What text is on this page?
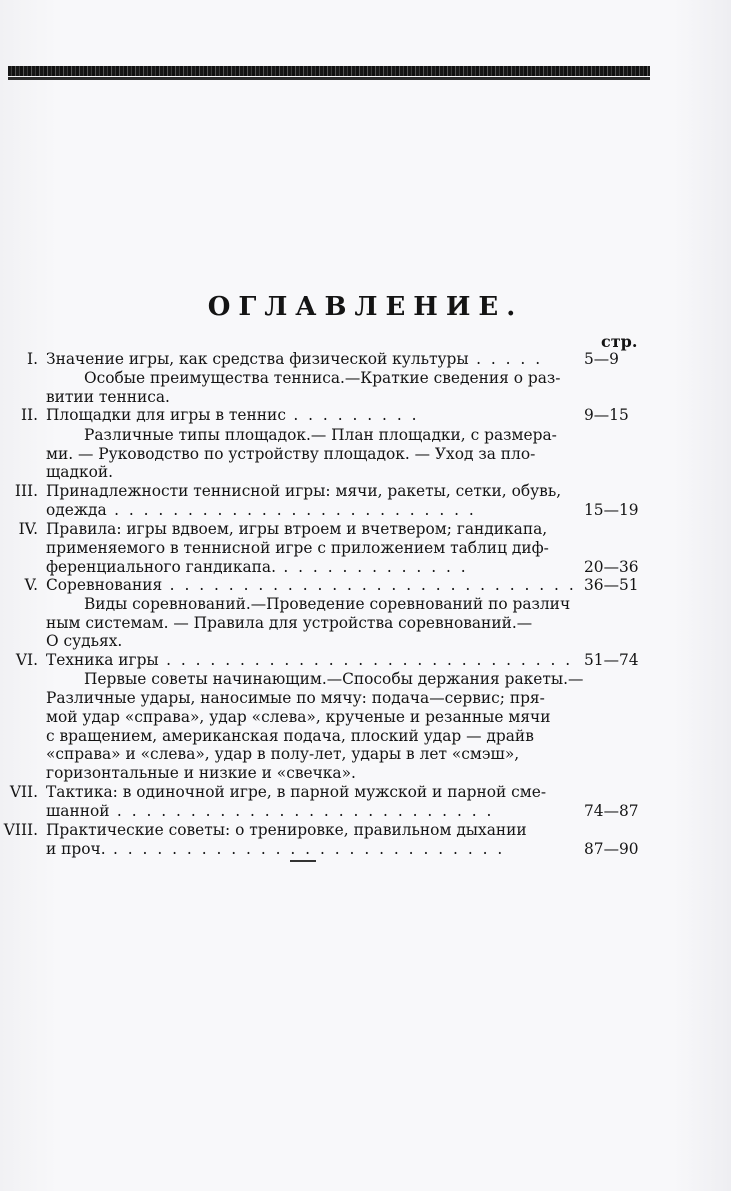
ОГЛАВЛЕНИЕ.
стр.
I. Значение игры, как средства физической культуры . . . . .	5—9
Особые преимущества тенниса.—Краткие сведения о раз-
витии тенниса.
II. Площадки для игры в теннис . . . . . . . . .	9—15
Различные типы площадок.— План площадки, с размера-
ми. — Руководство по устройству площадок. — Уход за пло-
щадкой.
III. Принадлежности теннисной игры: мячи, ракеты, сетки, обувь,
одежда . . . . . . . . . . . . . . . . . . . . . . . . .	15—19
IV. Правила: игры вдвоем, игры втроем и вчетвером; гандикапа,
применяемого в теннисной игре с приложением таблиц диф-
ференциального гандикапа. . . . . . . . . . . . . .	20—36
V. Соревнования . . . . . . . . . . . . . . . . . . . . . . . . . . . . 36—51
Виды соревнований.—Проведение соревнований по различ
ным системам. — Правила для устройства соревнований.—
О судьях.
VI. Техника игры . . . . . . . . . . . . . . . . . . . . . . . . . . . . 51—74
Первые советы начинающим.—Способы держания ракеты.—
Различные удары, наносимые по мячу: подача—сервис; пря-
мой удар «справа», удар «слева», крученые и резанные мячи
с вращением, американская подача, плоский удар — драйв
«справа» и «слева», удар в полу-лет, удары в лет «смэш»,
горизонтальные и низкие и «свечка».
VII. Тактика: в одиночной игре, в парной мужской и парной сме-
шанной . . . . . . . . . . . . . . . . . . . . . . . . . .	74—87
VIII. Практические советы: о тренировке, правильном дыхании
и проч. . . . . . . . . . . . . . . . . . . . . . . . . . . .	87—90
